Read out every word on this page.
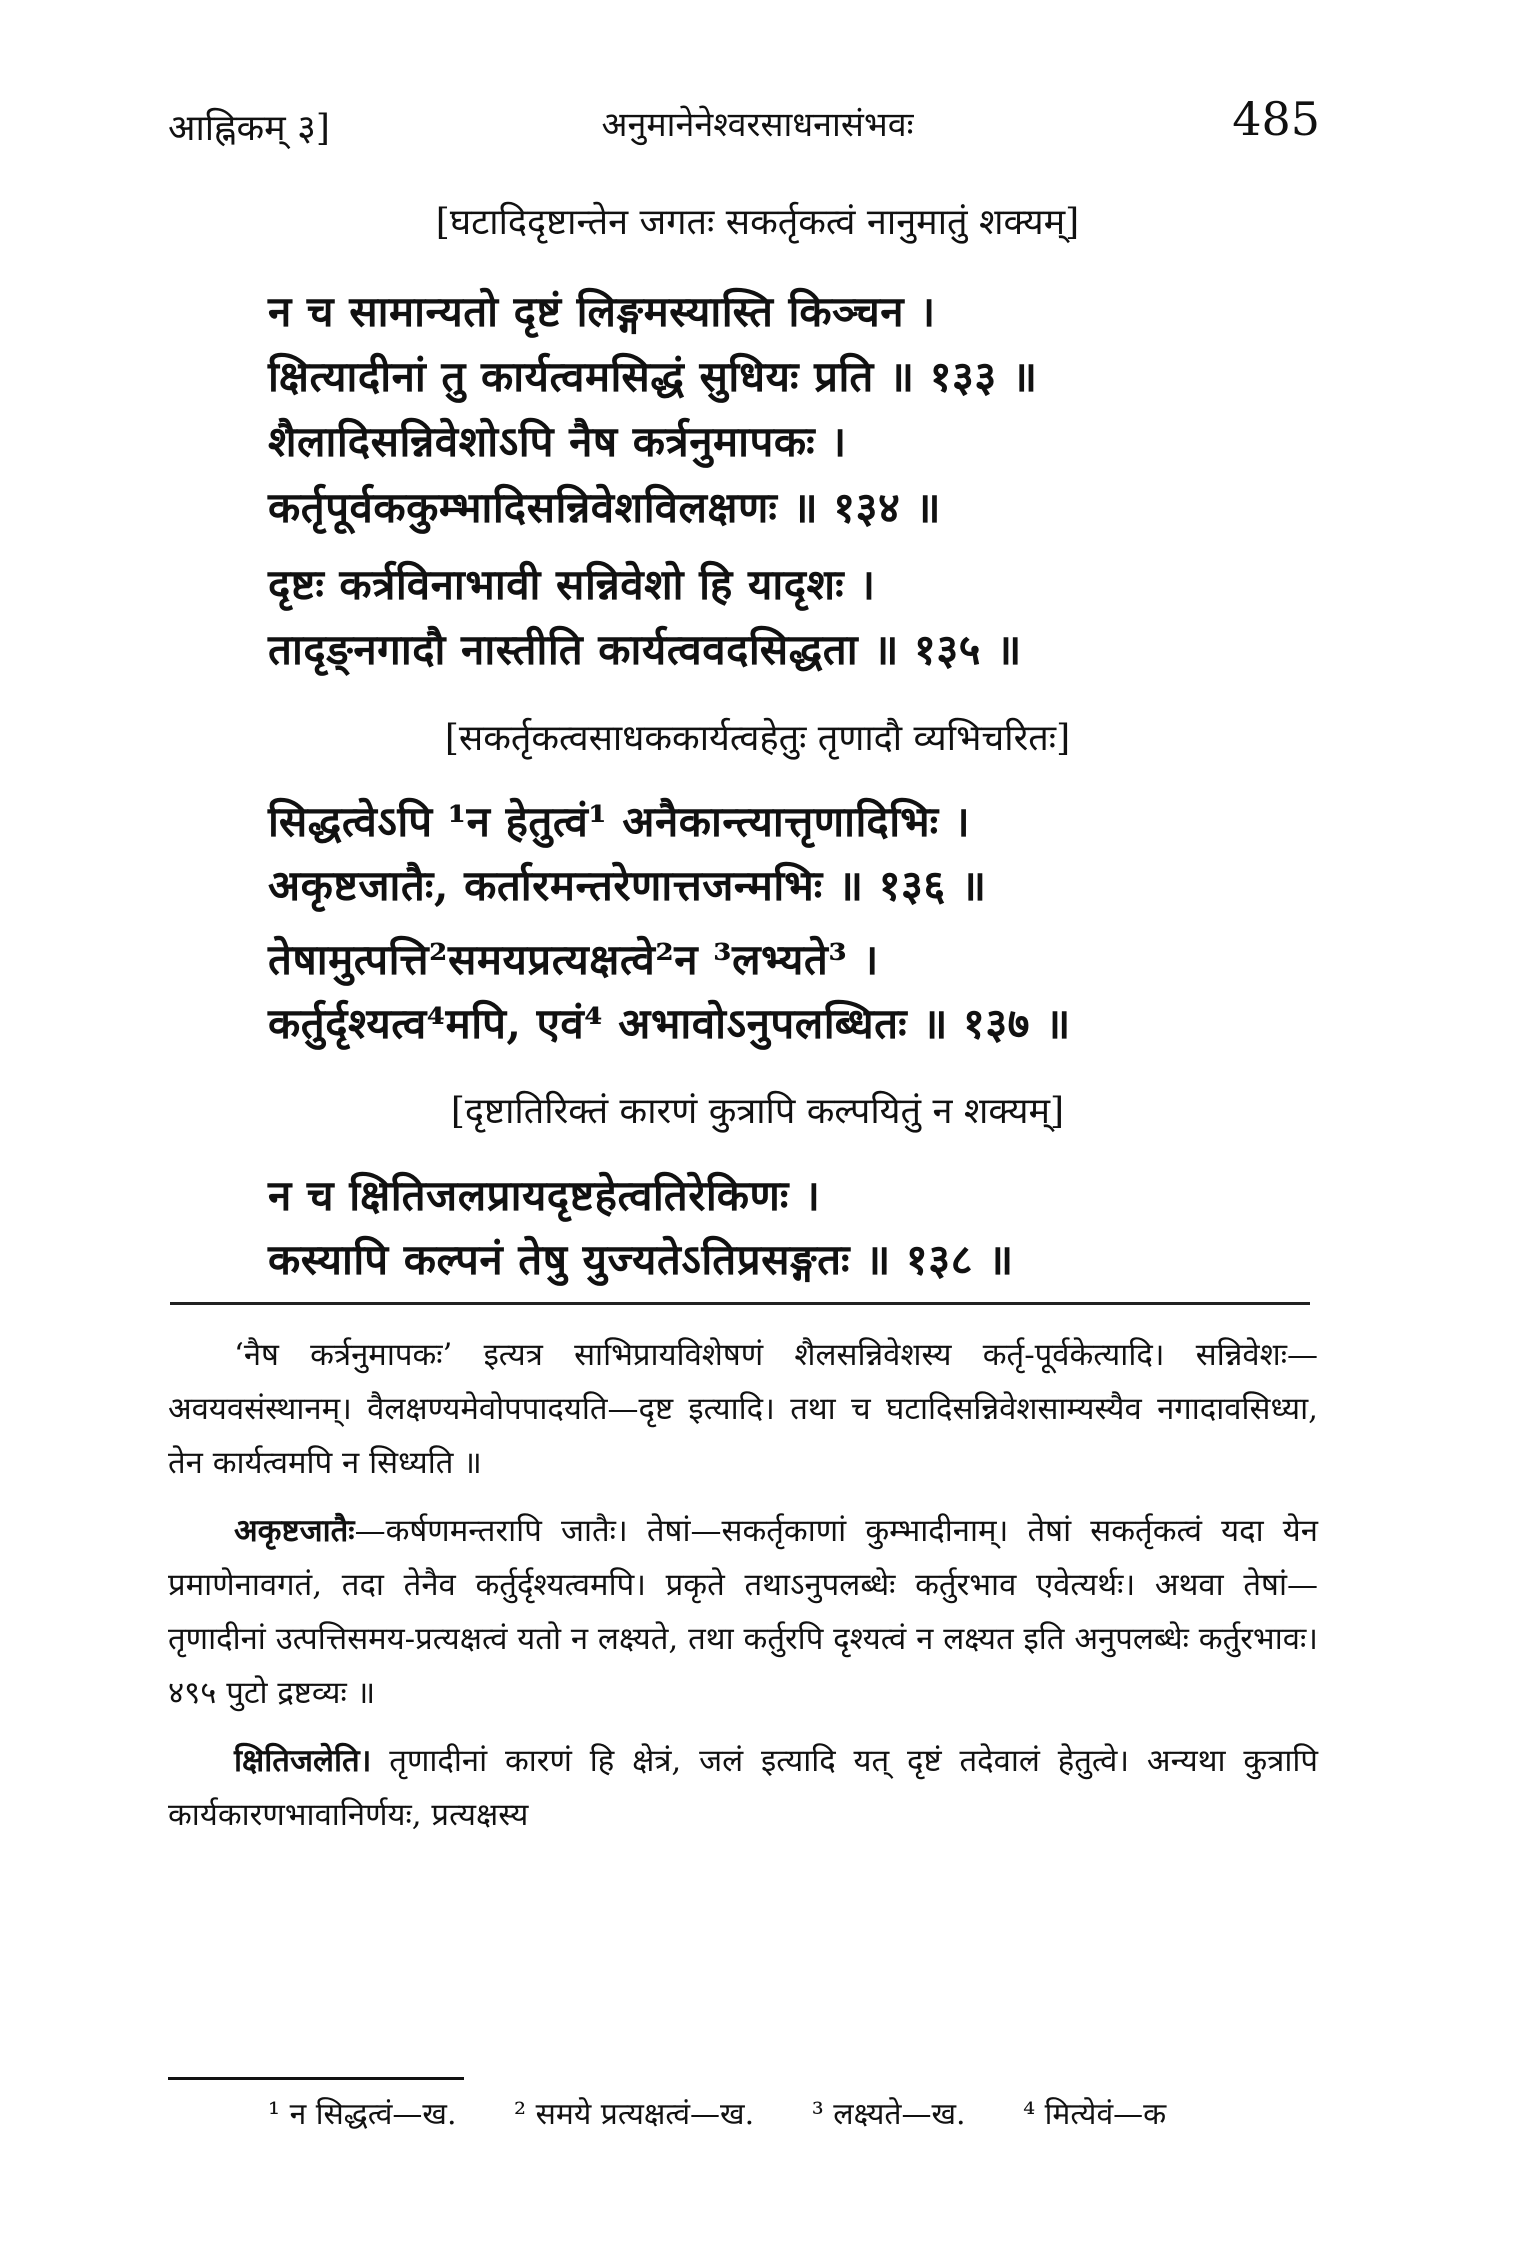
आह्निकम् ३]	अनुमानेनेश्वरसाधनासंभवः	485
[घटादिदृष्टान्तेन जगतः सकर्तृकत्वं नानुमातुं शक्यम्]
न च सामान्यतो दृष्टं लिङ्गमस्यास्ति किञ्चन ।
क्षित्यादीनां तु कार्यत्वमसिद्धं सुधियः प्रति ॥ १३३ ॥
शैलादिसन्निवेशोऽपि नैष कर्त्रनुमापकः ।
कर्तृपूर्वककुम्भादिसन्निवेशविलक्षणः ॥ १३४ ॥
दृष्टः कर्त्रविनाभावी सन्निवेशो हि यादृशः ।
तादृङ्नगादौ नास्तीति कार्यत्ववदसिद्धता ॥ १३५ ॥
[सकर्तृकत्वसाधककार्यत्वहेतुः तृणादौ व्यभिचरितः]
सिद्धत्वेऽपि ¹न हेतुत्वं¹ अनैकान्त्यात्तृणादिभिः ।
अकृष्टजातैः, कर्तारमन्तरेणात्तजन्मभिः ॥ १३६ ॥
तेषामुत्पत्ति²समयप्रत्यक्षत्वे²न ³लभ्यते³ ।
कर्तुर्दृश्यत्व⁴मपि, एवं⁴ अभावोऽनुपलब्धितः ॥ १३७ ॥
[दृष्टातिरिक्तं कारणं कुत्रापि कल्पयितुं न शक्यम्]
न च क्षितिजलप्रायदृष्टहेत्वतिरेकिणः ।
कस्यापि कल्पनं तेषु युज्यतेऽतिप्रसङ्गतः ॥ १३८ ॥

‘नैष कर्त्रनुमापकः’ इत्यत्र साभिप्रायविशेषणं शैलसन्निवेशस्य कर्तृ-पूर्वकेत्यादि। सन्निवेशः—अवयवसंस्थानम्। वैलक्षण्यमेवोपपादयति—दृष्ट इत्यादि। तथा च घटादिसन्निवेशसाम्यस्यैव नगादावसिध्या, तेन कार्यत्वमपि न सिध्यति ॥

अकृष्टजातैः—कर्षणमन्तरापि जातैः। तेषां—सकर्तृकाणां कुम्भादीनाम्। तेषां सकर्तृकत्वं यदा येन प्रमाणेनावगतं, तदा तेनैव कर्तुर्दृश्यत्वमपि। प्रकृते तथाऽनुपलब्धेः कर्तुरभाव एवेत्यर्थः। अथवा तेषां—तृणादीनां उत्पत्तिसमय-प्रत्यक्षत्वं यतो न लक्ष्यते, तथा कर्तुरपि दृश्यत्वं न लक्ष्यत इति अनुपलब्धेः कर्तुरभावः। ४९५ पुटो द्रष्टव्यः ॥

क्षितिजलेति। तृणादीनां कारणं हि क्षेत्रं, जलं इत्यादि यत् दृष्टं तदेवालं हेतुत्वे। अन्यथा कुत्रापि कार्यकारणभावानिर्णयः, प्रत्यक्षस्य

¹ न सिद्धत्वं—ख. ² समये प्रत्यक्षत्वं—ख. ³ लक्ष्यते—ख. ⁴ मित्येवं—क
